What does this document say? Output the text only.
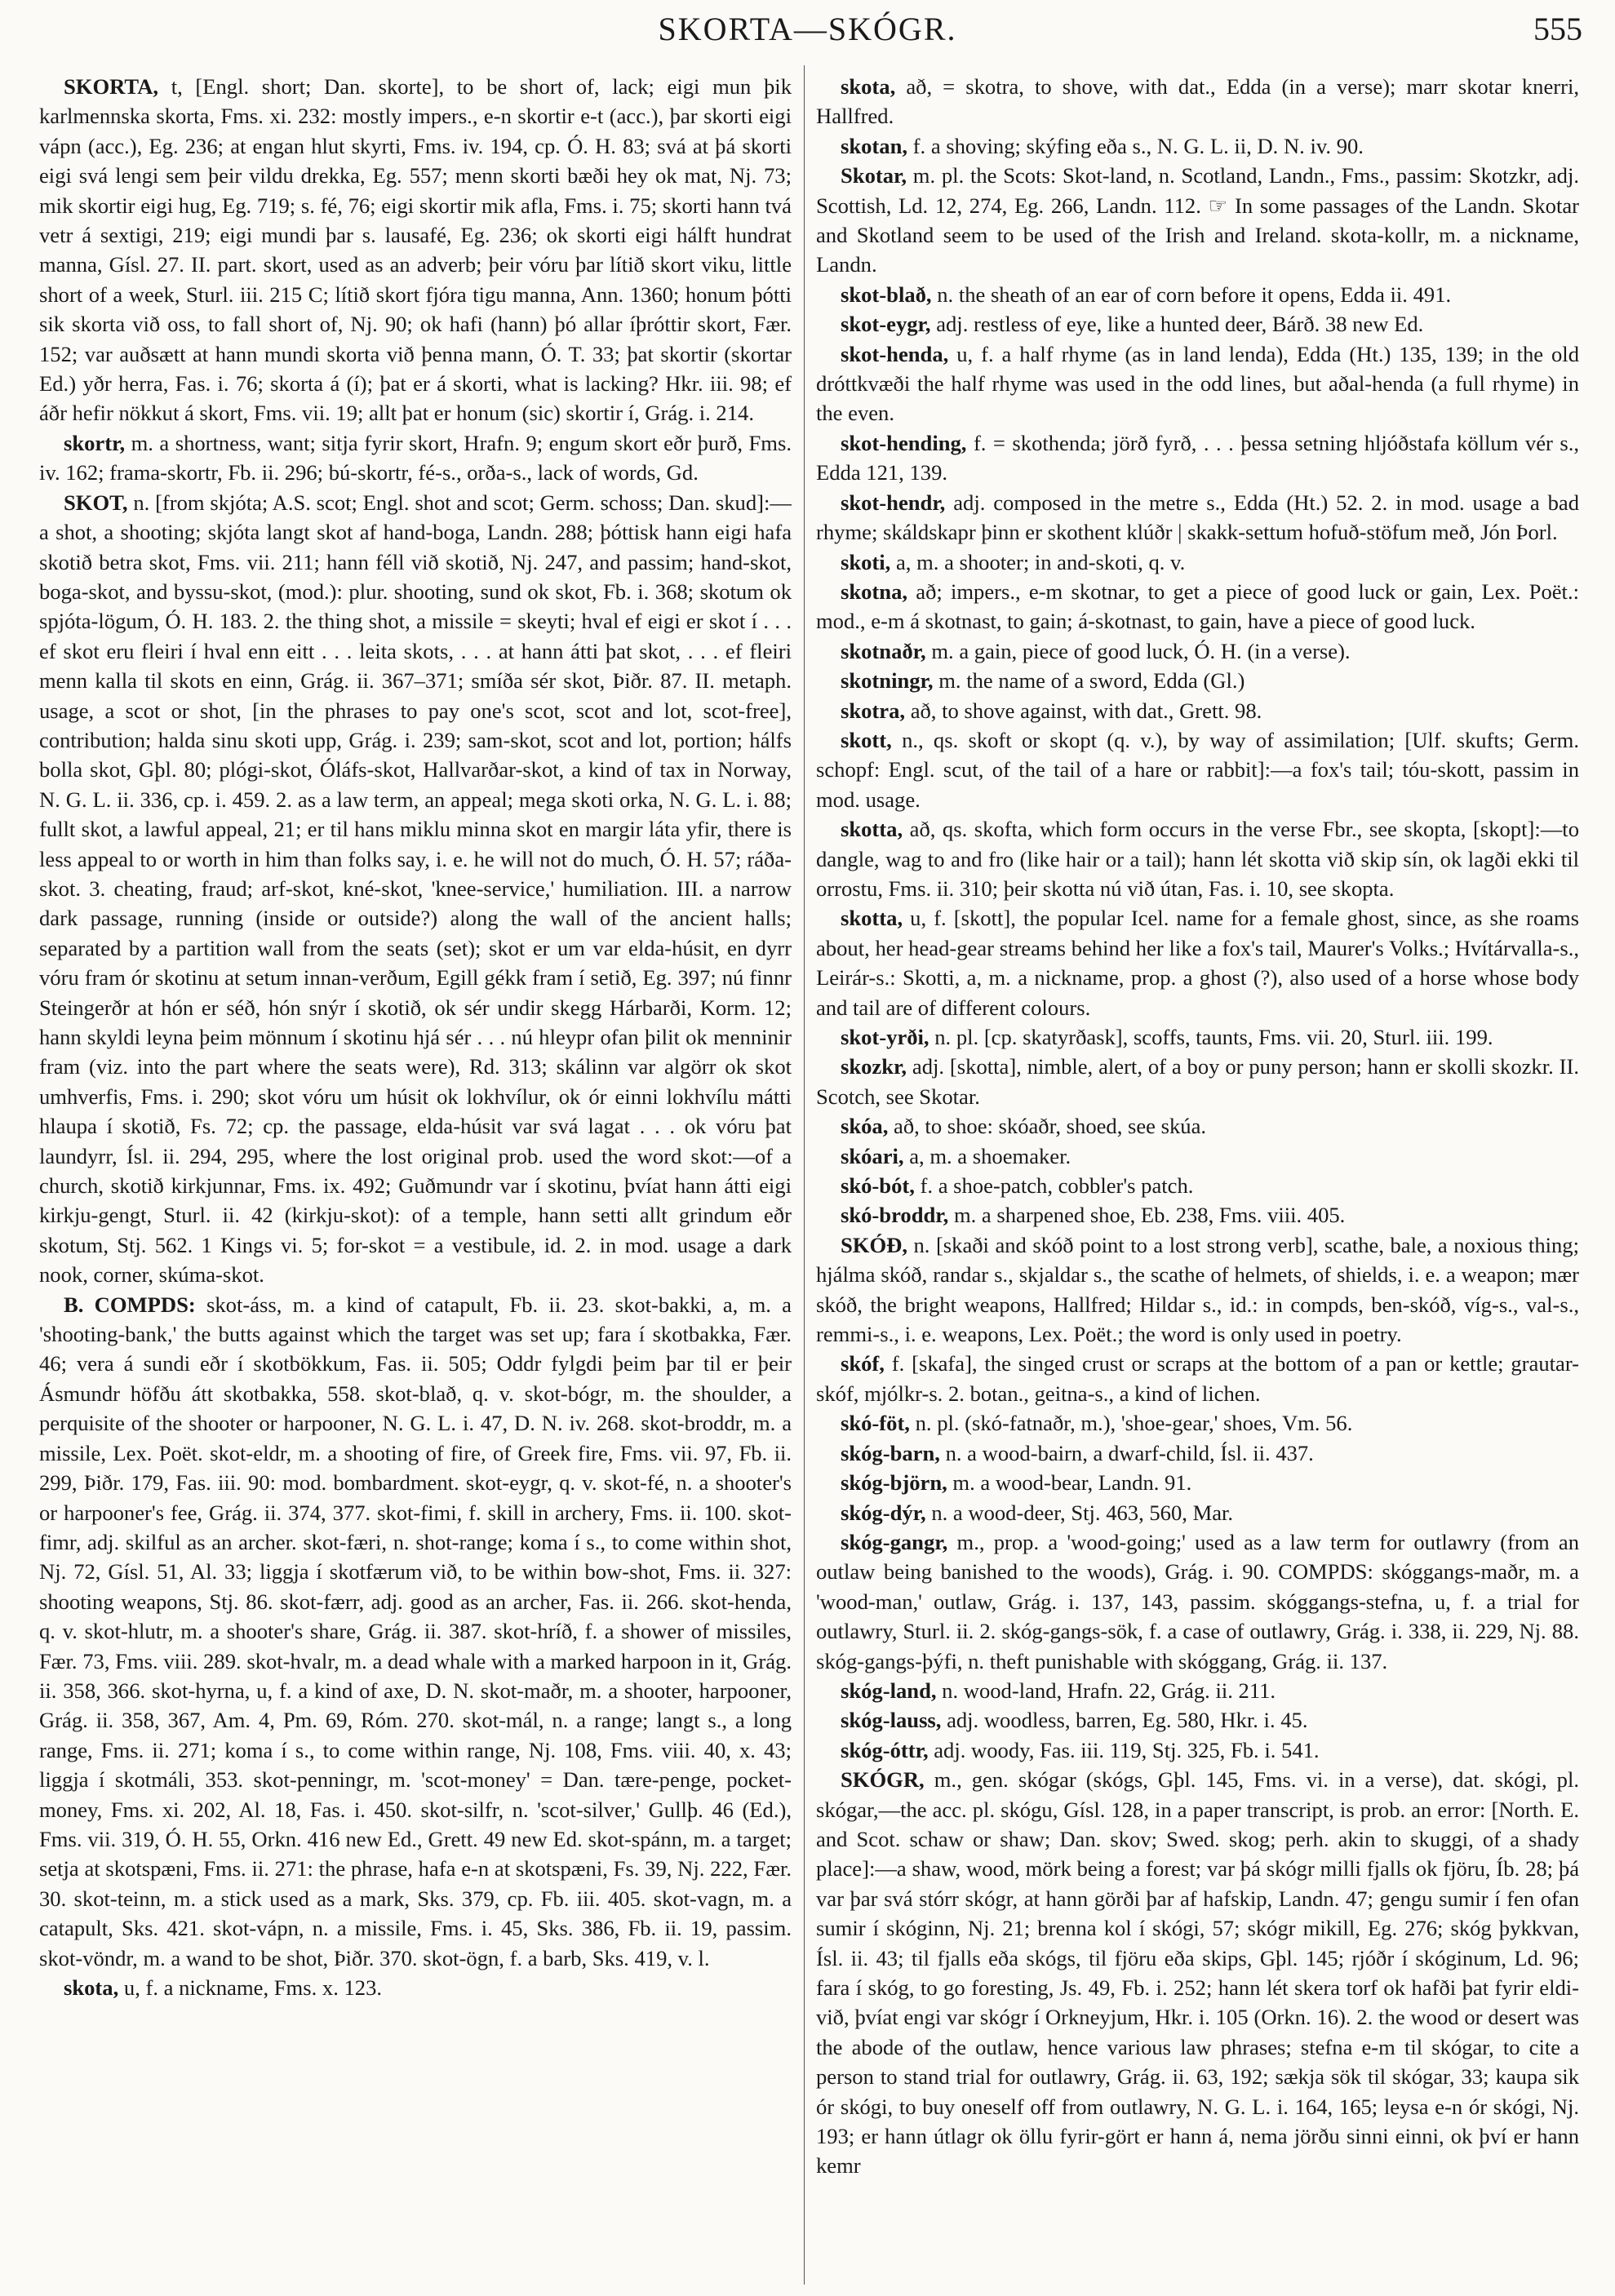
SKORTA—SKÓGR.	555

SKORTA, t, [Engl. short; Dan. skorte], to be short of, lack; eigi mun þik karlmennska skorta, Fms. xi. 232: mostly impers., e-n skortir e-t (acc.), þar skorti eigi vápn (acc.), Eg. 236; at engan hlut skyrti, Fms. iv. 194, cp. Ó. H. 83; svá at þá skorti eigi svá lengi sem þeir vildu drekka, Eg. 557; menn skorti bæði hey ok mat, Nj. 73; mik skortir eigi hug, Eg. 719; s. fé, 76; eigi skortir mik afla, Fms. i. 75; skorti hann tvá vetr á sextigi, 219; eigi mundi þar s. lausafé, Eg. 236; ok skorti eigi hálft hundrat manna, Gísl. 27. II. part. skort, used as an adverb; þeir vóru þar lítið skort viku, little short of a week, Sturl. iii. 215 C; lítið skort fjóra tigu manna, Ann. 1360; honum þótti sik skorta við oss, to fall short of, Nj. 90; ok hafi (hann) þó allar íþróttir skort, Fær. 152; var auðsætt at hann mundi skorta við þenna mann, Ó. T. 33; þat skortir (skortar Ed.) yðr herra, Fas. i. 76; skorta á (í); þat er á skorti, what is lacking? Hkr. iii. 98; ef áðr hefir nökkut á skort, Fms. vii. 19; allt þat er honum (sic) skortir í, Grág. i. 214.

skortr, m. a shortness, want; sitja fyrir skort, Hrafn. 9; engum skort eðr þurð, Fms. iv. 162; frama-skortr, Fb. ii. 296; bú-skortr, fé-s., orða-s., lack of words, Gd.

SKOT, n. [from skjóta; A.S. scot; Engl. shot and scot; Germ. schoss; Dan. skud]:—a shot, a shooting; skjóta langt skot af hand-boga, Landn. 288; þóttisk hann eigi hafa skotið betra skot, Fms. vii. 211; hann féll við skotið, Nj. 247, and passim; hand-skot, boga-skot, and byssu-skot, (mod.): plur. shooting, sund ok skot, Fb. i. 368; skotum ok spjóta-lögum, Ó. H. 183. 2. the thing shot, a missile = skeyti; hval ef eigi er skot í . . . ef skot eru fleiri í hval enn eitt . . . leita skots, . . . at hann átti þat skot, . . . ef fleiri menn kalla til skots en einn, Grág. ii. 367–371; smíða sér skot, Þiðr. 87. II. metaph. usage, a scot or shot, [in the phrases to pay one's scot, scot and lot, scot-free], contribution; halda sinu skoti upp, Grág. i. 239; sam-skot, scot and lot, portion; hálfs bolla skot, Gþl. 80; plógi-skot, Óláfs-skot, Hallvarðar-skot, a kind of tax in Norway, N. G. L. ii. 336, cp. i. 459. 2. as a law term, an appeal; mega skoti orka, N. G. L. i. 88; fullt skot, a lawful appeal, 21; er til hans miklu minna skot en margir láta yfir, there is less appeal to or worth in him than folks say, i. e. he will not do much, Ó. H. 57; ráða-skot. 3. cheating, fraud; arf-skot, kné-skot, 'knee-service,' humiliation. III. a narrow dark passage, running (inside or outside?) along the wall of the ancient halls; separated by a partition wall from the seats (set); skot er um var elda-húsit, en dyrr vóru fram ór skotinu at setum innan-verðum, Egill gékk fram í setið, Eg. 397; nú finnr Steingerðr at hón er séð, hón snýr í skotið, ok sér undir skegg Hárbarði, Korm. 12; hann skyldi leyna þeim mönnum í skotinu hjá sér . . . nú hleypr ofan þilit ok menninir fram (viz. into the part where the seats were), Rd. 313; skálinn var algörr ok skot umhverfis, Fms. i. 290; skot vóru um húsit ok lokhvílur, ok ór einni lokhvílu mátti hlaupa í skotið, Fs. 72; cp. the passage, elda-húsit var svá lagat . . . ok vóru þat laundyrr, Ísl. ii. 294, 295, where the lost original prob. used the word skot:—of a church, skotið kirkjunnar, Fms. ix. 492; Guðmundr var í skotinu, þvíat hann átti eigi kirkju-gengt, Sturl. ii. 42 (kirkju-skot): of a temple, hann setti allt grindum eðr skotum, Stj. 562. 1 Kings vi. 5; for-skot = a vestibule, id. 2. in mod. usage a dark nook, corner, skúma-skot.

B. COMPDS: skot-áss, m. a kind of catapult, Fb. ii. 23. skot-bakki, a, m. a 'shooting-bank,' the butts against which the target was set up; fara í skotbakka, Fær. 46; vera á sundi eðr í skotbökkum, Fas. ii. 505; Oddr fylgdi þeim þar til er þeir Ásmundr höfðu átt skotbakka, 558. skot-blað, q. v. skot-bógr, m. the shoulder, a perquisite of the shooter or harpooner, N. G. L. i. 47, D. N. iv. 268. skot-broddr, m. a missile, Lex. Poët. skot-eldr, m. a shooting of fire, of Greek fire, Fms. vii. 97, Fb. ii. 299, Þiðr. 179, Fas. iii. 90: mod. bombardment. skot-eygr, q. v. skot-fé, n. a shooter's or harpooner's fee, Grág. ii. 374, 377. skot-fimi, f. skill in archery, Fms. ii. 100. skot-fimr, adj. skilful as an archer. skot-færi, n. shot-range; koma í s., to come within shot, Nj. 72, Gísl. 51, Al. 33; liggja í skotfærum við, to be within bow-shot, Fms. ii. 327: shooting weapons, Stj. 86. skot-færr, adj. good as an archer, Fas. ii. 266. skot-henda, q. v. skot-hlutr, m. a shooter's share, Grág. ii. 387. skot-hríð, f. a shower of missiles, Fær. 73, Fms. viii. 289. skot-hvalr, m. a dead whale with a marked harpoon in it, Grág. ii. 358, 366. skot-hyrna, u, f. a kind of axe, D. N. skot-maðr, m. a shooter, harpooner, Grág. ii. 358, 367, Am. 4, Pm. 69, Róm. 270. skot-mál, n. a range; langt s., a long range, Fms. ii. 271; koma í s., to come within range, Nj. 108, Fms. viii. 40, x. 43; liggja í skotmáli, 353. skot-penningr, m. 'scot-money' = Dan. tære-penge, pocket-money, Fms. xi. 202, Al. 18, Fas. i. 450. skot-silfr, n. 'scot-silver,' Gullþ. 46 (Ed.), Fms. vii. 319, Ó. H. 55, Orkn. 416 new Ed., Grett. 49 new Ed. skot-spánn, m. a target; setja at skotspæni, Fms. ii. 271: the phrase, hafa e-n at skotspæni, Fs. 39, Nj. 222, Fær. 30. skot-teinn, m. a stick used as a mark, Sks. 379, cp. Fb. iii. 405. skot-vagn, m. a catapult, Sks. 421. skot-vápn, n. a missile, Fms. i. 45, Sks. 386, Fb. ii. 19, passim. skot-vöndr, m. a wand to be shot, Þiðr. 370. skot-ögn, f. a barb, Sks. 419, v. l.

skota, u, f. a nickname, Fms. x. 123.

skota, að, = skotra, to shove, with dat., Edda (in a verse); marr skotar knerri, Hallfred.

skotan, f. a shoving; skýfing eða s., N. G. L. ii, D. N. iv. 90.

Skotar, m. pl. the Scots: Skot-land, n. Scotland, Landn., Fms., passim: Skotzkr, adj. Scottish, Ld. 12, 274, Eg. 266, Landn. 112. ☞ In some passages of the Landn. Skotar and Skotland seem to be used of the Irish and Ireland. skota-kollr, m. a nickname, Landn.

skot-blað, n. the sheath of an ear of corn before it opens, Edda ii. 491.

skot-eygr, adj. restless of eye, like a hunted deer, Bárð. 38 new Ed.

skot-henda, u, f. a half rhyme (as in land lenda), Edda (Ht.) 135, 139; in the old dróttkvæði the half rhyme was used in the odd lines, but aðal-henda (a full rhyme) in the even.

skot-hending, f. = skothenda; jörð fyrð, . . . þessa setning hljóðstafa köllum vér s., Edda 121, 139.

skot-hendr, adj. composed in the metre s., Edda (Ht.) 52. 2. in mod. usage a bad rhyme; skáldskapr þinn er skothent klúðr | skakk-settum hofuð-stöfum með, Jón Þorl.

skoti, a, m. a shooter; in and-skoti, q. v.

skotna, að; impers., e-m skotnar, to get a piece of good luck or gain, Lex. Poët.: mod., e-m á skotnast, to gain; á-skotnast, to gain, have a piece of good luck.

skotnaðr, m. a gain, piece of good luck, Ó. H. (in a verse).

skotningr, m. the name of a sword, Edda (Gl.)

skotra, að, to shove against, with dat., Grett. 98.

skott, n., qs. skoft or skopt (q. v.), by way of assimilation; [Ulf. skufts; Germ. schopf: Engl. scut, of the tail of a hare or rabbit]:—a fox's tail; tóu-skott, passim in mod. usage.

skotta, að, qs. skofta, which form occurs in the verse Fbr., see skopta, [skopt]:—to dangle, wag to and fro (like hair or a tail); hann lét skotta við skip sín, ok lagði ekki til orrostu, Fms. ii. 310; þeir skotta nú við útan, Fas. i. 10, see skopta.

skotta, u, f. [skott], the popular Icel. name for a female ghost, since, as she roams about, her head-gear streams behind her like a fox's tail, Maurer's Volks.; Hvítárvalla-s., Leirár-s.: Skotti, a, m. a nickname, prop. a ghost (?), also used of a horse whose body and tail are of different colours.

skot-yrði, n. pl. [cp. skatyrðask], scoffs, taunts, Fms. vii. 20, Sturl. iii. 199.

skozkr, adj. [skotta], nimble, alert, of a boy or puny person; hann er skolli skozkr. II. Scotch, see Skotar.

skóa, að, to shoe: skóaðr, shoed, see skúa.

skóari, a, m. a shoemaker.

skó-bót, f. a shoe-patch, cobbler's patch.

skó-broddr, m. a sharpened shoe, Eb. 238, Fms. viii. 405.

SKÓÐ, n. [skaði and skóð point to a lost strong verb], scathe, bale, a noxious thing; hjálma skóð, randar s., skjaldar s., the scathe of helmets, of shields, i. e. a weapon; mær skóð, the bright weapons, Hallfred; Hildar s., id.: in compds, ben-skóð, víg-s., val-s., remmi-s., i. e. weapons, Lex. Poët.; the word is only used in poetry.

skóf, f. [skafa], the singed crust or scraps at the bottom of a pan or kettle; grautar-skóf, mjólkr-s. 2. botan., geitna-s., a kind of lichen.

skó-föt, n. pl. (skó-fatnaðr, m.), 'shoe-gear,' shoes, Vm. 56.

skóg-barn, n. a wood-bairn, a dwarf-child, Ísl. ii. 437.

skóg-björn, m. a wood-bear, Landn. 91.

skóg-dýr, n. a wood-deer, Stj. 463, 560, Mar.

skóg-gangr, m., prop. a 'wood-going;' used as a law term for outlawry (from an outlaw being banished to the woods), Grág. i. 90. COMPDS: skóggangs-maðr, m. a 'wood-man,' outlaw, Grág. i. 137, 143, passim. skóggangs-stefna, u, f. a trial for outlawry, Sturl. ii. 2. skóg-gangs-sök, f. a case of outlawry, Grág. i. 338, ii. 229, Nj. 88. skóg-gangs-þýfi, n. theft punishable with skóggang, Grág. ii. 137.

skóg-land, n. wood-land, Hrafn. 22, Grág. ii. 211.

skóg-lauss, adj. woodless, barren, Eg. 580, Hkr. i. 45.

skóg-óttr, adj. woody, Fas. iii. 119, Stj. 325, Fb. i. 541.

SKÓGR, m., gen. skógar (skógs, Gþl. 145, Fms. vi. in a verse), dat. skógi, pl. skógar,—the acc. pl. skógu, Gísl. 128, in a paper transcript, is prob. an error: [North. E. and Scot. schaw or shaw; Dan. skov; Swed. skog; perh. akin to skuggi, of a shady place]:—a shaw, wood, mörk being a forest; var þá skógr milli fjalls ok fjöru, Íb. 28; þá var þar svá stórr skógr, at hann görði þar af hafskip, Landn. 47; gengu sumir í fen ofan sumir í skóginn, Nj. 21; brenna kol í skógi, 57; skógr mikill, Eg. 276; skóg þykkvan, Ísl. ii. 43; til fjalls eða skógs, til fjöru eða skips, Gþl. 145; rjóðr í skóginum, Ld. 96; fara í skóg, to go foresting, Js. 49, Fb. i. 252; hann lét skera torf ok hafði þat fyrir eldi-við, þvíat engi var skógr í Orkneyjum, Hkr. i. 105 (Orkn. 16). 2. the wood or desert was the abode of the outlaw, hence various law phrases; stefna e-m til skógar, to cite a person to stand trial for outlawry, Grág. ii. 63, 192; sækja sök til skógar, 33; kaupa sik ór skógi, to buy oneself off from outlawry, N. G. L. i. 164, 165; leysa e-n ór skógi, Nj. 193; er hann útlagr ok öllu fyrir-gört er hann á, nema jörðu sinni einni, ok því er hann kemr
